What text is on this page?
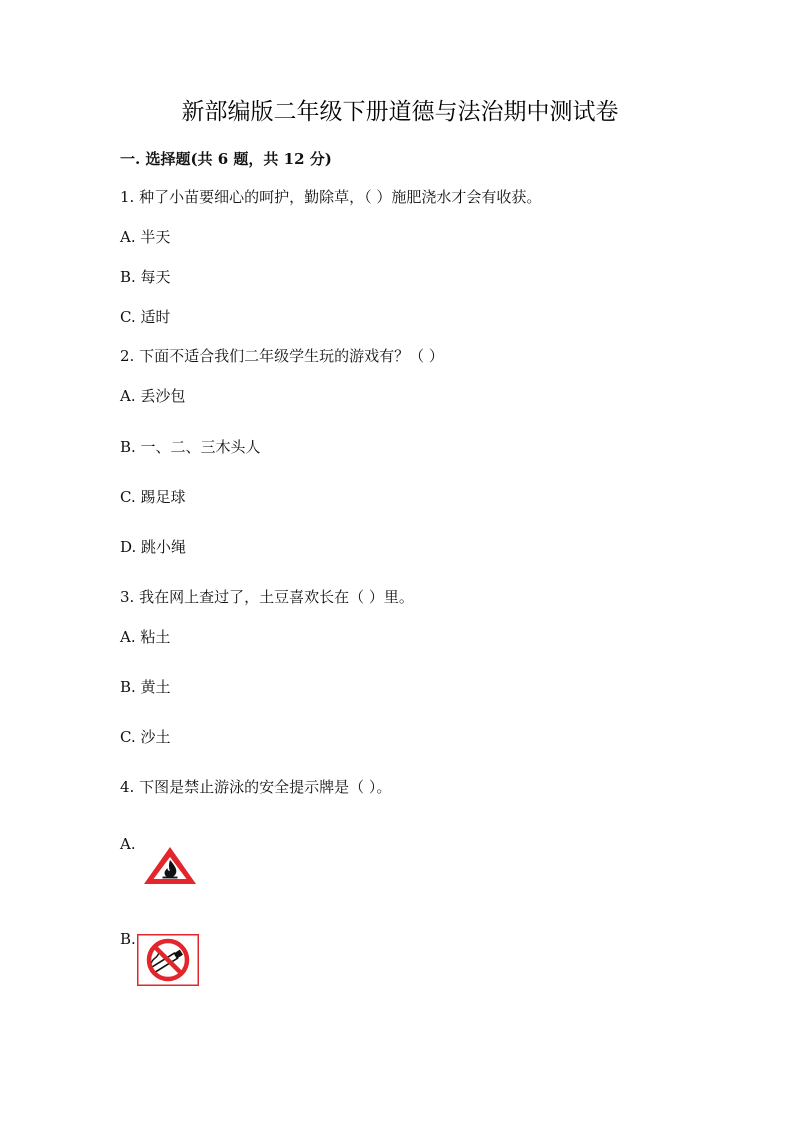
新部编版二年级下册道德与法治期中测试卷
一. 选择题(共 6 题，共 12 分)
1. 种了小苗要细心的呵护，勤除草，（ ）施肥浇水才会有收获。
A. 半天
B. 每天
C. 适时
2. 下面不适合我们二年级学生玩的游戏有？（ ）
A. 丢沙包
B. 一、二、三木头人
C. 踢足球
D. 跳小绳
3. 我在网上查过了，土豆喜欢长在（ ）里。
A. 粘土
B. 黄土
C. 沙土
4. 下图是禁止游泳的安全提示牌是（ ）。
A.
B.
